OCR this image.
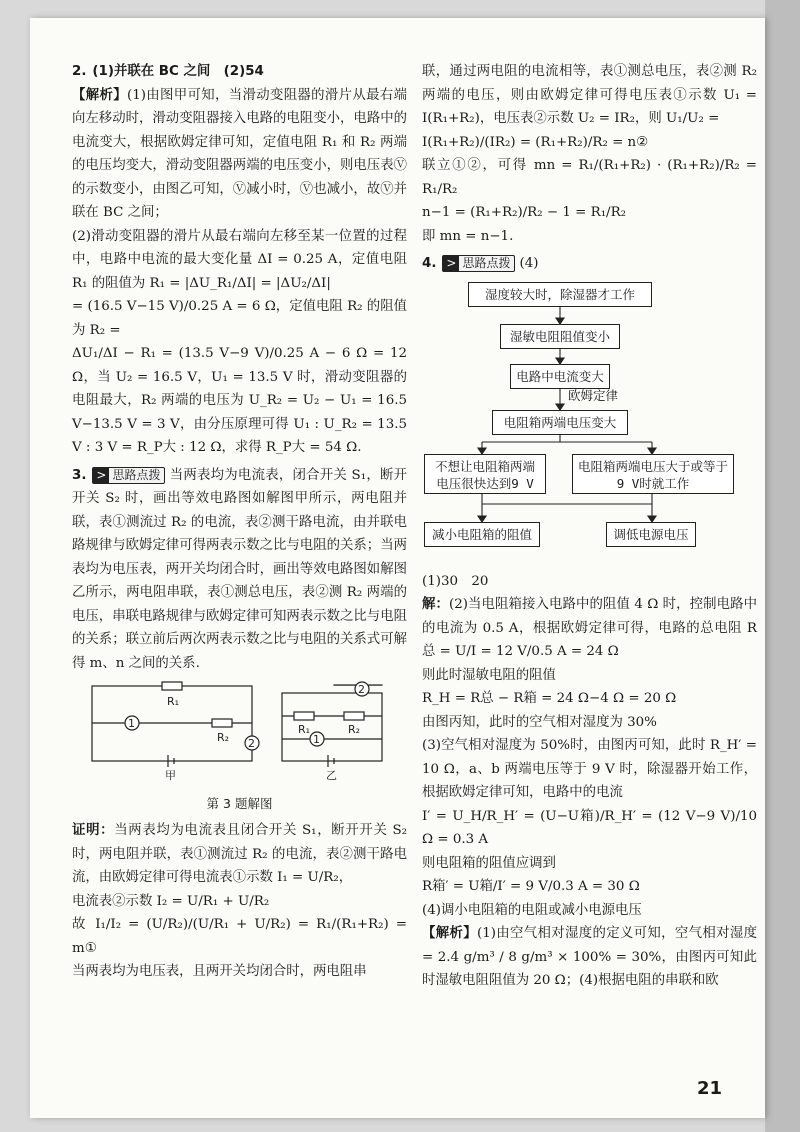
2. (1)并联在 BC 之间　(2)54

【解析】(1)由图甲可知，当滑动变阻器的滑片从最右端向左移动时，滑动变阻器接入电路的电阻变小，电路中的电流变大，根据欧姆定律可知，定值电阻 R₁ 和 R₂ 两端的电压均变大，滑动变阻器两端的电压变小，则电压表Ⓥ的示数变小，由图乙可知，Ⓥ减小时，Ⓥ也减小，故Ⓥ并联在 BC 之间；

(2)滑动变阻器的滑片从最右端向左移至某一位置的过程中，电路中电流的最大变化量 ΔI = 0.25 A，定值电阻 R₁ 的阻值为 R₁ = |ΔU_R₁/ΔI| = |ΔU₂/ΔI|

= (16.5 V−15 V)/0.25 A = 6 Ω，定值电阻 R₂ 的阻值为 R₂ =

ΔU₁/ΔI − R₁ = (13.5 V−9 V)/0.25 A − 6 Ω = 12 Ω，当 U₂ = 16.5 V，U₁ = 13.5 V 时，滑动变阻器的电阻最大，R₂ 两端的电压为 U_R₂ = U₂ − U₁ = 16.5 V−13.5 V = 3 V，由分压原理可得 U₁ : U_R₂ = 13.5 V : 3 V = R_P大 : 12 Ω，求得 R_P大 = 54 Ω.

3. > 思路点拨 当两表均为电流表，闭合开关 S₁，断开开关 S₂ 时，画出等效电路图如解图甲所示，两电阻并联，表①测流过 R₂ 的电流，表②测干路电流，由并联电路规律与欧姆定律可得两表示数之比与电阻的关系；当两表均为电压表，两开关均闭合时，画出等效电路图如解图乙所示，两电阻串联，表①测总电压，表②测 R₂ 两端的电压，串联电路规律与欧姆定律可知两表示数之比与电阻的关系；联立前后两次两表示数之比与电阻的关系式可解得 m、n 之间的关系.

R₁
R₂
1
2
甲
R₁	R₂
1
2
乙

第 3 题解图

证明：当两表均为电流表且闭合开关 S₁，断开开关 S₂ 时，两电阻并联，表①测流过 R₂ 的电流，表②测干路电流，由欧姆定律可得电流表①示数 I₁ = U/R₂，

电流表②示数 I₂ = U/R₁ + U/R₂

故 I₁/I₂ = (U/R₂)/(U/R₁ + U/R₂) = R₁/(R₁+R₂) = m①

当两表均为电压表，且两开关均闭合时，两电阻串

联，通过两电阻的电流相等，表①测总电压，表②测 R₂ 两端的电压，则由欧姆定律可得电压表①示数 U₁ = I(R₁+R₂)，电压表②示数 U₂ = IR₂，则 U₁/U₂ =

I(R₁+R₂)/(IR₂) = (R₁+R₂)/R₂ = n②

联立①②，可得 mn = R₁/(R₁+R₂) · (R₁+R₂)/R₂ = R₁/R₂

n−1 = (R₁+R₂)/R₂ − 1 = R₁/R₂

即 mn = n−1.

4. > 思路点拨 (4)

湿度较大时，除湿器才工作
湿敏电阻阻值变小
电路中电流变大
欧姆定律
电阻箱两端电压变大
不想让电阻箱两端电压很快达到9 V
电阻箱两端电压大于或等于9 V时就工作
减小电阻箱的阻值	调低电源电压

(1)30　20

解：(2)当电阻箱接入电路中的阻值 4 Ω 时，控制电路中的电流为 0.5 A，根据欧姆定律可得，电路的总电阻 R总 = U/I = 12 V/0.5 A = 24 Ω

则此时湿敏电阻的阻值

R_H = R总 − R箱 = 24 Ω−4 Ω = 20 Ω

由图丙知，此时的空气相对湿度为 30%

(3)空气相对湿度为 50%时，由图丙可知，此时 R_H′ = 10 Ω，a、b 两端电压等于 9 V 时，除湿器开始工作，根据欧姆定律可知，电路中的电流

I′ = U_H/R_H′ = (U−U箱)/R_H′ = (12 V−9 V)/10 Ω = 0.3 A

则电阻箱的阻值应调到

R箱′ = U箱/I′ = 9 V/0.3 A = 30 Ω

(4)调小电阻箱的电阻或减小电源电压

【解析】(1)由空气相对湿度的定义可知，空气相对湿度 = 2.4 g/m³ / 8 g/m³ × 100% = 30%，由图丙可知此时湿敏电阻阻值为 20 Ω；(4)根据电阻的串联和欧

21
